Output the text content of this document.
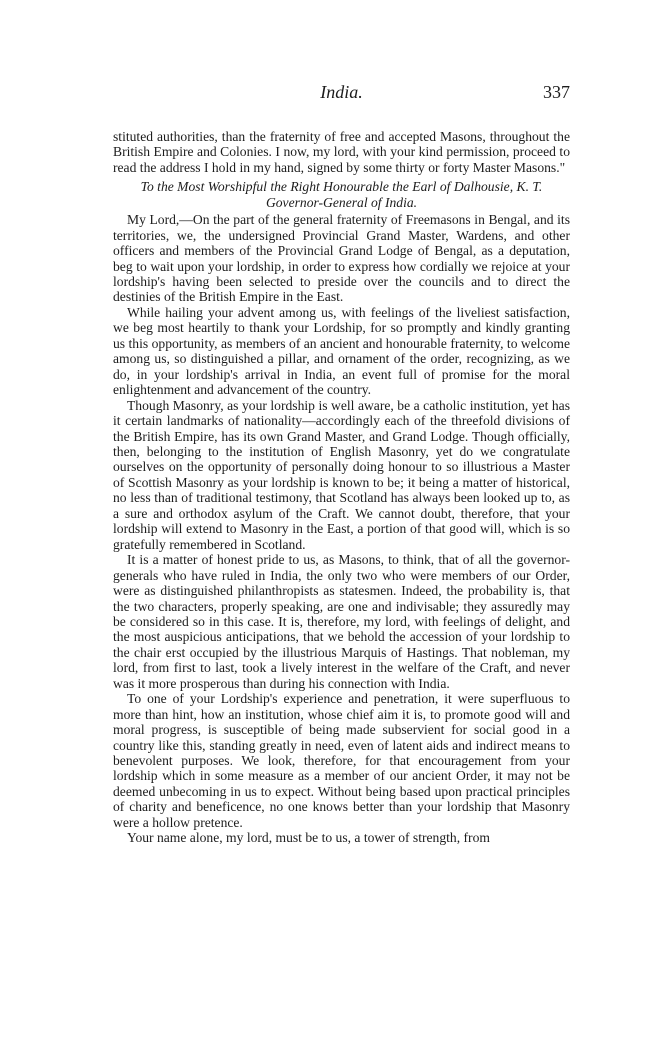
India.	337

stituted authorities, than the fraternity of free and accepted Masons, throughout the British Empire and Colonies. I now, my lord, with your kind permission, proceed to read the address I hold in my hand, signed by some thirty or forty Master Masons."

To the Most Worshipful the Right Honourable the Earl of Dalhousie, K. T. Governor-General of India.

My Lord,—On the part of the general fraternity of Freemasons in Bengal, and its territories, we, the undersigned Provincial Grand Master, Wardens, and other officers and members of the Provincial Grand Lodge of Bengal, as a deputation, beg to wait upon your lordship, in order to express how cordially we rejoice at your lordship's having been selected to preside over the councils and to direct the destinies of the British Empire in the East.

While hailing your advent among us, with feelings of the liveliest satisfaction, we beg most heartily to thank your Lordship, for so promptly and kindly granting us this opportunity, as members of an ancient and honourable fraternity, to welcome among us, so distinguished a pillar, and ornament of the order, recognizing, as we do, in your lordship's arrival in India, an event full of promise for the moral enlightenment and advancement of the country.

Though Masonry, as your lordship is well aware, be a catholic institution, yet has it certain landmarks of nationality—accordingly each of the threefold divisions of the British Empire, has its own Grand Master, and Grand Lodge. Though officially, then, belonging to the institution of English Masonry, yet do we congratulate ourselves on the opportunity of personally doing honour to so illustrious a Master of Scottish Masonry as your lordship is known to be; it being a matter of historical, no less than of traditional testimony, that Scotland has always been looked up to, as a sure and orthodox asylum of the Craft. We cannot doubt, therefore, that your lordship will extend to Masonry in the East, a portion of that good will, which is so gratefully remembered in Scotland.

It is a matter of honest pride to us, as Masons, to think, that of all the governor-generals who have ruled in India, the only two who were members of our Order, were as distinguished philanthropists as statesmen. Indeed, the probability is, that the two characters, properly speaking, are one and indivisable; they assuredly may be considered so in this case. It is, therefore, my lord, with feelings of delight, and the most auspicious anticipations, that we behold the accession of your lordship to the chair erst occupied by the illustrious Marquis of Hastings. That nobleman, my lord, from first to last, took a lively interest in the welfare of the Craft, and never was it more prosperous than during his connection with India.

To one of your Lordship's experience and penetration, it were superfluous to more than hint, how an institution, whose chief aim it is, to promote good will and moral progress, is susceptible of being made subservient for social good in a country like this, standing greatly in need, even of latent aids and indirect means to benevolent purposes. We look, therefore, for that encouragement from your lordship which in some measure as a member of our ancient Order, it may not be deemed unbecoming in us to expect. Without being based upon practical principles of charity and beneficence, no one knows better than your lordship that Masonry were a hollow pretence.

Your name alone, my lord, must be to us, a tower of strength, from
